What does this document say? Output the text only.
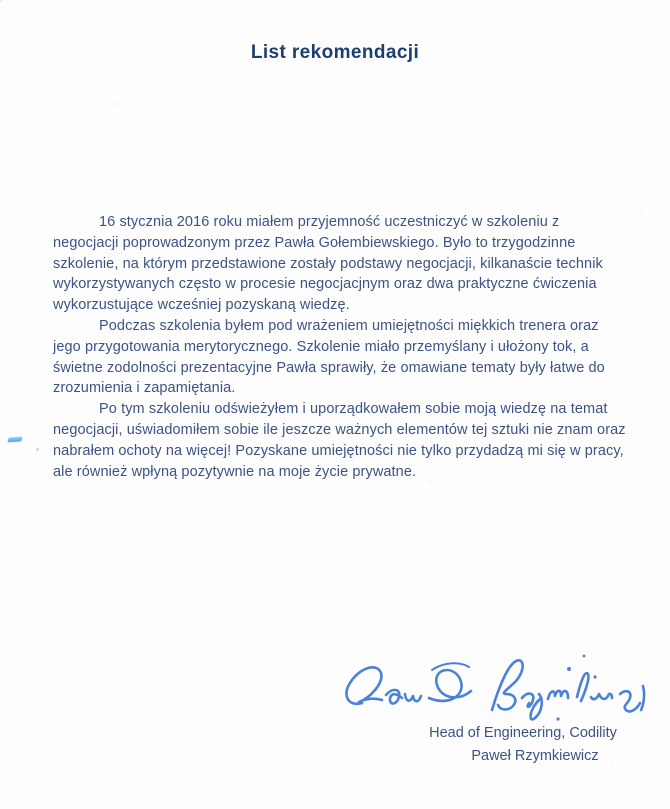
List rekomendacji
16 stycznia 2016 roku miałem przyjemność uczestniczyć w szkoleniu z
negocjacji poprowadzonym przez Pawła Gołembiewskiego. Było to trzygodzinne
szkolenie, na którym przedstawione zostały podstawy negocjacji, kilkanaście technik
wykorzystywanych często w procesie negocjacjnym oraz dwa praktyczne ćwiczenia
wykorzustujące wcześniej pozyskaną wiedzę.
Podczas szkolenia byłem pod wrażeniem umiejętności miękkich trenera oraz
jego przygotowania merytorycznego. Szkolenie miało przemyślany i ułożony tok, a
świetne zodolności prezentacyjne Pawła sprawiły, że omawiane tematy były łatwe do
zrozumienia i zapamiętania.
Po tym szkoleniu odświeżyłem i uporządkowałem sobie moją wiedzę na temat
negocjacji, uświadomiłem sobie ile jeszcze ważnych elementów tej sztuki nie znam oraz
nabrałem ochoty na więcej! Pozyskane umiejętności nie tylko przydadzą mi się w pracy,
ale również wpłyną pozytywnie na moje życie prywatne.
Head of Engineering, Codility
Paweł Rzymkiewicz
